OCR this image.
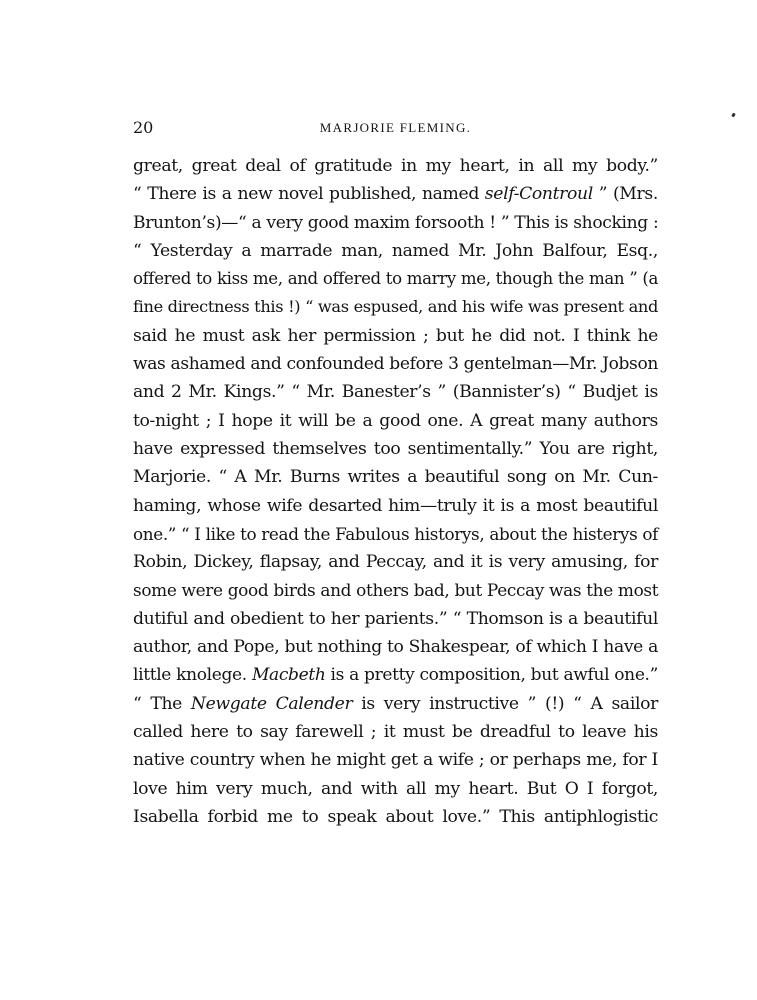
20	MARJORIE FLEMING.
great, great deal of gratitude in my heart, in all my body.”
“ There is a new novel published, named self-Controul ” (Mrs.
Brunton’s)—“ a very good maxim forsooth ! ” This is shocking :
“ Yesterday a marrade man, named Mr. John Balfour, Esq.,
offered to kiss me, and offered to marry me, though the man ” (a
fine directness this !) “ was espused, and his wife was present and
said he must ask her permission ; but he did not. I think he
was ashamed and confounded before 3 gentelman—Mr. Jobson
and 2 Mr. Kings.” “ Mr. Banester’s ” (Bannister’s) “ Budjet is
to-night ; I hope it will be a good one. A great many authors
have expressed themselves too sentimentally.” You are right,
Marjorie. “ A Mr. Burns writes a beautiful song on Mr. Cun-
haming, whose wife desarted him—truly it is a most beautiful
one.” “ I like to read the Fabulous historys, about the histerys of
Robin, Dickey, flapsay, and Peccay, and it is very amusing, for
some were good birds and others bad, but Peccay was the most
dutiful and obedient to her parients.” “ Thomson is a beautiful
author, and Pope, but nothing to Shakespear, of which I have a
little knolege. Macbeth is a pretty composition, but awful one.”
“ The Newgate Calender is very instructive ” (!) “ A sailor
called here to say farewell ; it must be dreadful to leave his
native country when he might get a wife ; or perhaps me, for I
love him very much, and with all my heart. But O I forgot,
Isabella forbid me to speak about love.” This antiphlogistic
